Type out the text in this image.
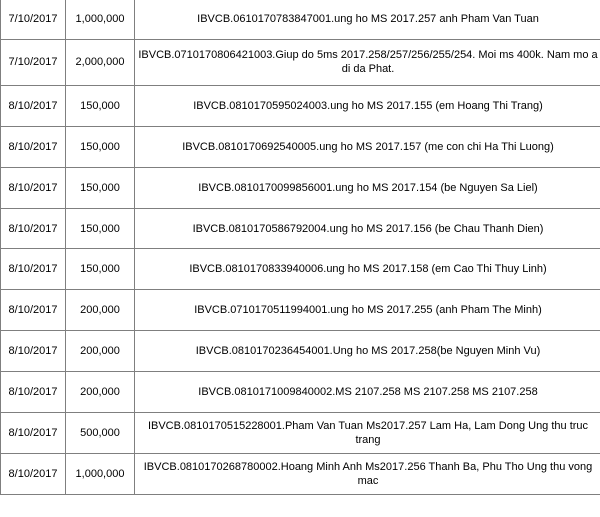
7/10/2017	1,000,000	IBVCB.0610170783847001.ung ho MS 2017.257 anh Pham Van Tuan
7/10/2017	2,000,000	IBVCB.0710170806421003.Giup do 5ms 2017.258/257/256/255/254. Moi ms 400k. Nam mo a di da Phat.
8/10/2017	150,000	IBVCB.0810170595024003.ung ho MS 2017.155 (em Hoang Thi Trang)
8/10/2017	150,000	IBVCB.0810170692540005.ung ho MS 2017.157 (me con chi Ha Thi Luong)
8/10/2017	150,000	IBVCB.0810170099856001.ung ho MS 2017.154 (be Nguyen Sa Liel)
8/10/2017	150,000	IBVCB.0810170586792004.ung ho MS 2017.156 (be Chau Thanh Dien)
8/10/2017	150,000	IBVCB.0810170833940006.ung ho MS 2017.158 (em Cao Thi Thuy Linh)
8/10/2017	200,000	IBVCB.0710170511994001.ung ho MS 2017.255 (anh Pham The Minh)
8/10/2017	200,000	IBVCB.0810170236454001.Ung ho MS 2017.258(be Nguyen Minh Vu)
8/10/2017	200,000	IBVCB.0810171009840002.MS 2107.258 MS 2107.258 MS 2107.258
8/10/2017	500,000	IBVCB.0810170515228001.Pham Van Tuan Ms2017.257 Lam Ha, Lam Dong Ung thu truc trang
8/10/2017	1,000,000	IBVCB.0810170268780002.Hoang Minh Anh Ms2017.256 Thanh Ba, Phu Tho Ung thu vong mac
